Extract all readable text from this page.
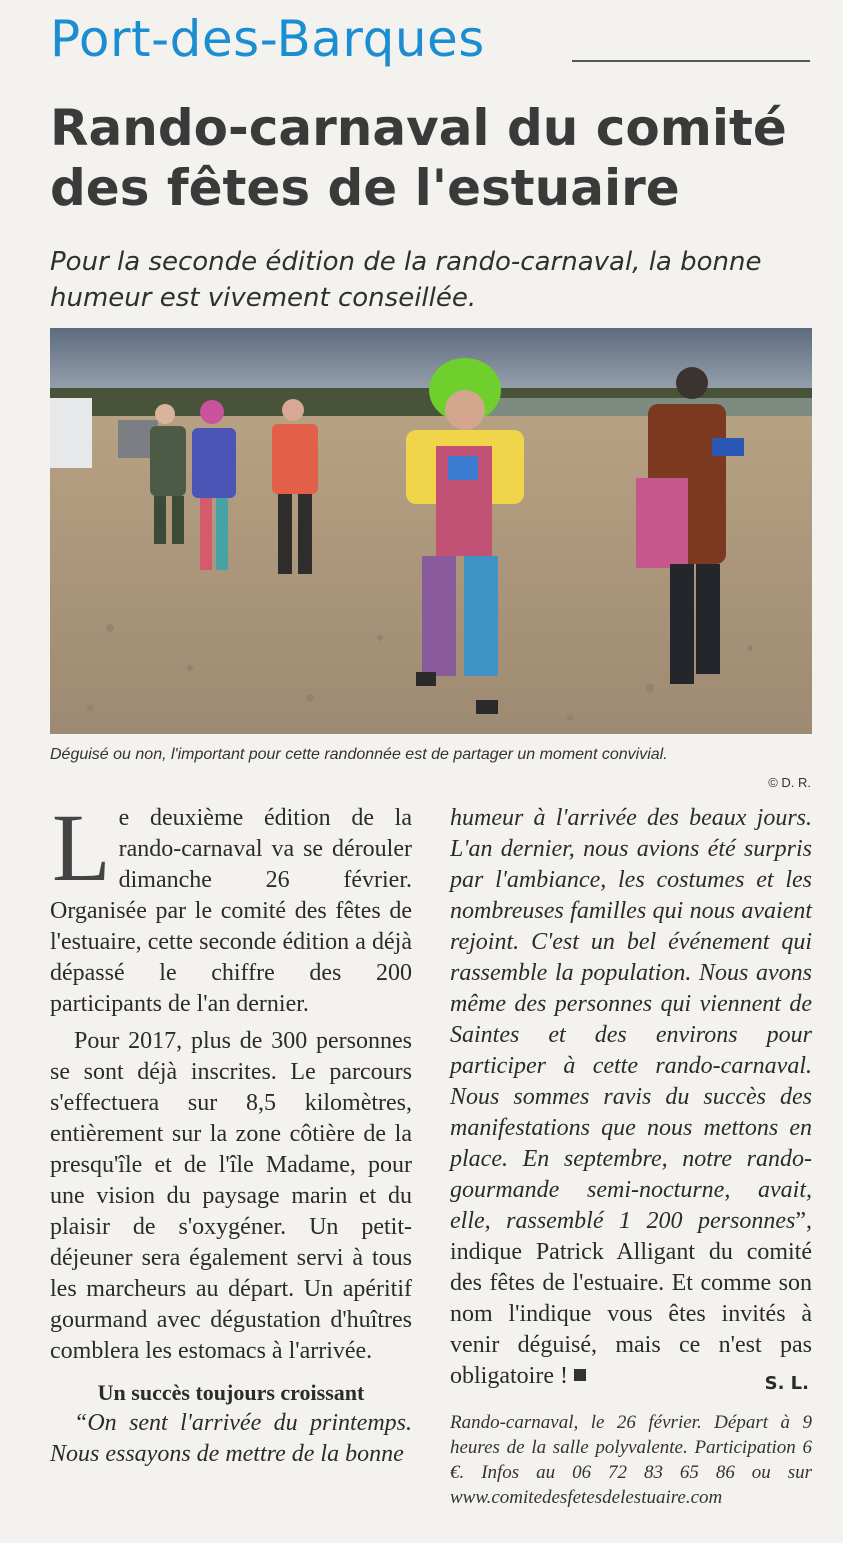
Port-des-Barques
Rando-carnaval du comité
des fêtes de l'estuaire
Pour la seconde édition de la rando-carnaval, la bonne humeur est vivement conseillée.
Déguisé ou non, l'important pour cette randonnée est de partager un moment convivial.
© D. R.

Le deuxième édition de la rando-carnaval va se dérouler dimanche 26 février. Organisée par le comité des fêtes de l'estuaire, cette seconde édition a déjà dépassé le chiffre des 200 participants de l'an dernier.

Pour 2017, plus de 300 personnes se sont déjà inscrites. Le parcours s'effectuera sur 8,5 kilomètres, entièrement sur la zone côtière de la presqu'île et de l'île Madame, pour une vision du paysage marin et du plaisir de s'oxygéner. Un petit-déjeuner sera également servi à tous les marcheurs au départ. Un apéritif gourmand avec dégustation d'huîtres comblera les estomacs à l'arrivée.

Un succès toujours croissant

“On sent l'arrivée du printemps. Nous essayons de mettre de la bonne

humeur à l'arrivée des beaux jours. L'an dernier, nous avions été surpris par l'ambiance, les costumes et les nombreuses familles qui nous avaient rejoint. C'est un bel événement qui rassemble la population. Nous avons même des personnes qui viennent de Saintes et des environs pour participer à cette rando-carnaval. Nous sommes ravis du succès des manifestations que nous mettons en place. En septembre, notre rando-gourmande semi-nocturne, avait, elle, rassemblé 1 200 personnes”, indique Patrick Alligant du comité des fêtes de l'estuaire. Et comme son nom l'indique vous êtes invités à venir déguisé, mais ce n'est pas obligatoire !	S. L.
Rando-carnaval, le 26 février. Départ à 9 heures de la salle polyvalente. Participation 6 €. Infos au 06 72 83 65 86 ou sur www.comitedesfetesdelestuaire.com
